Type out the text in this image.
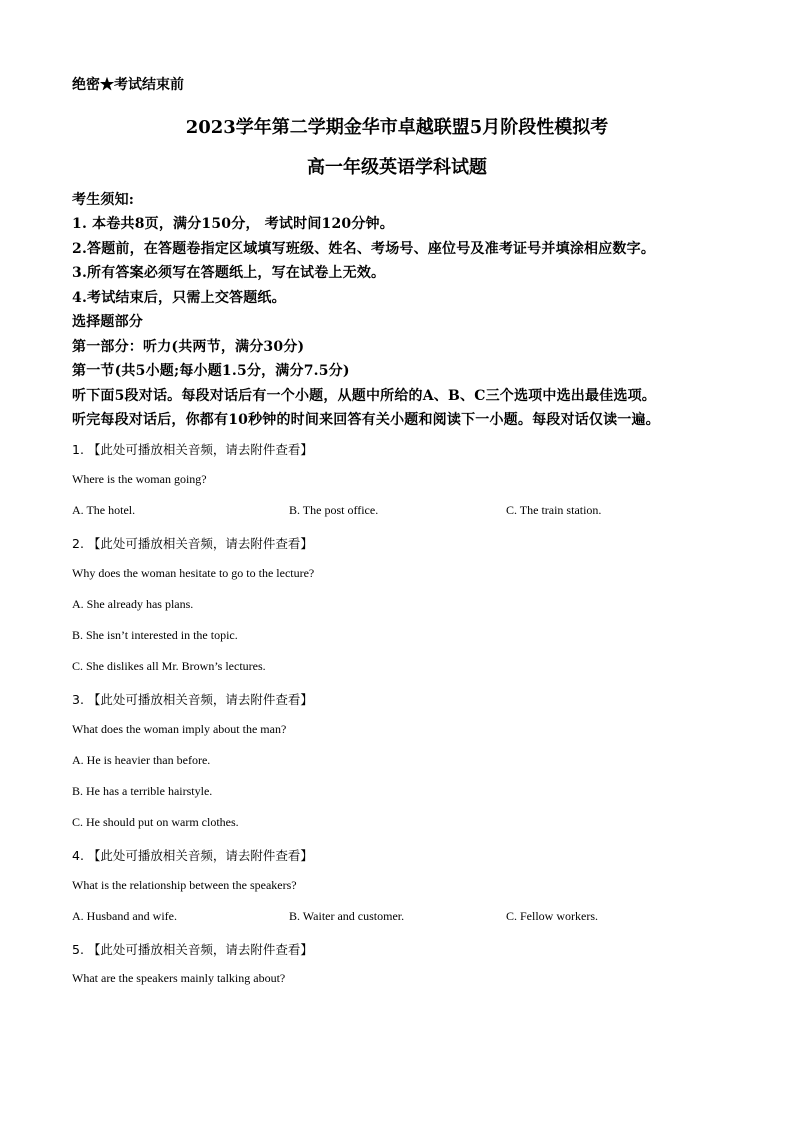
绝密★考试结束前
2023学年第二学期金华市卓越联盟5月阶段性模拟考
高一年级英语学科试题
考生须知:
1. 本卷共8页，满分150分， 考试时间120分钟。
2.答题前，在答题卷指定区域填写班级、姓名、考场号、座位号及准考证号并填涂相应数字。
3.所有答案必须写在答题纸上，写在试卷上无效。
4.考试结束后，只需上交答题纸。
选择题部分
第一部分：听力(共两节，满分30分)
第一节(共5小题;每小题1.5分，满分7.5分)
听下面5段对话。每段对话后有一个小题，从题中所给的A、B、C三个选项中选出最佳选项。
听完每段对话后，你都有10秒钟的时间来回答有关小题和阅读下一小题。每段对话仅读一遍。
1. 【此处可播放相关音频，请去附件查看】
Where is the woman going?
A. The hotel.	B. The post office.	C. The train station.
2. 【此处可播放相关音频，请去附件查看】
Why does the woman hesitate to go to the lecture?
A. She already has plans.
B. She isn’t interested in the topic.
C. She dislikes all Mr. Brown’s lectures.
3. 【此处可播放相关音频，请去附件查看】
What does the woman imply about the man?
A. He is heavier than before.
B. He has a terrible hairstyle.
C. He should put on warm clothes.
4. 【此处可播放相关音频，请去附件查看】
What is the relationship between the speakers?
A. Husband and wife.	B. Waiter and customer.	C. Fellow workers.
5. 【此处可播放相关音频，请去附件查看】
What are the speakers mainly talking about?
